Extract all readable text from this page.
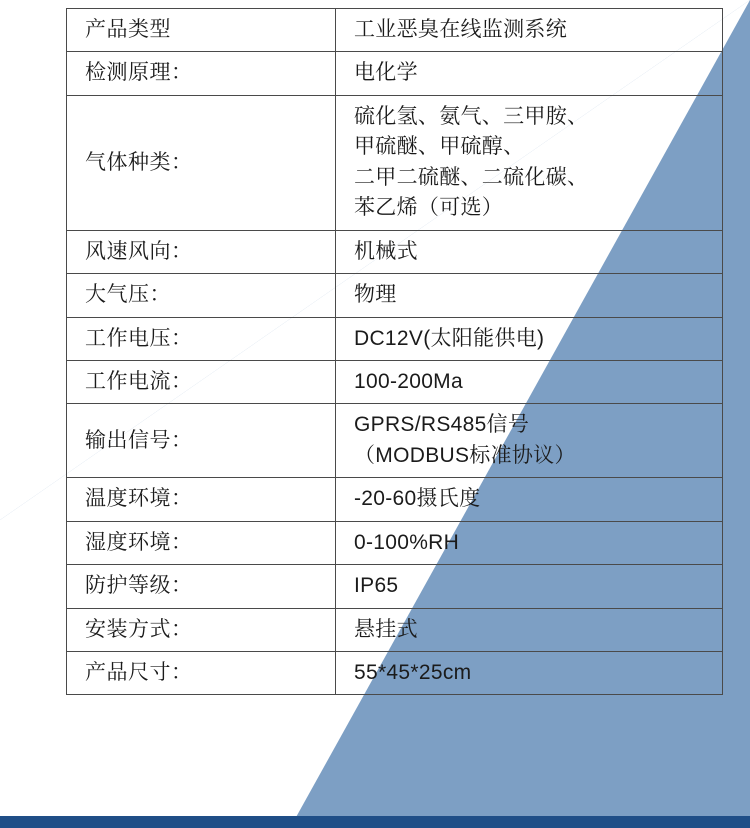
产品类型	工业恶臭在线监测系统

检测原理：	电化学

气体种类：	硫化氢、氨气、三甲胺、
甲硫醚、甲硫醇、
二甲二硫醚、二硫化碳、
苯乙烯（可选）

风速风向：	机械式

大气压：	物理

工作电压：	DC12V(太阳能供电)

工作电流：	100-200Ma

输出信号：	GPRS/RS485信号
（MODBUS标准协议）

温度环境：	-20-60摄氏度

湿度环境：	0-100%RH

防护等级：	IP65

安装方式：	悬挂式

产品尺寸：	55*45*25cm
